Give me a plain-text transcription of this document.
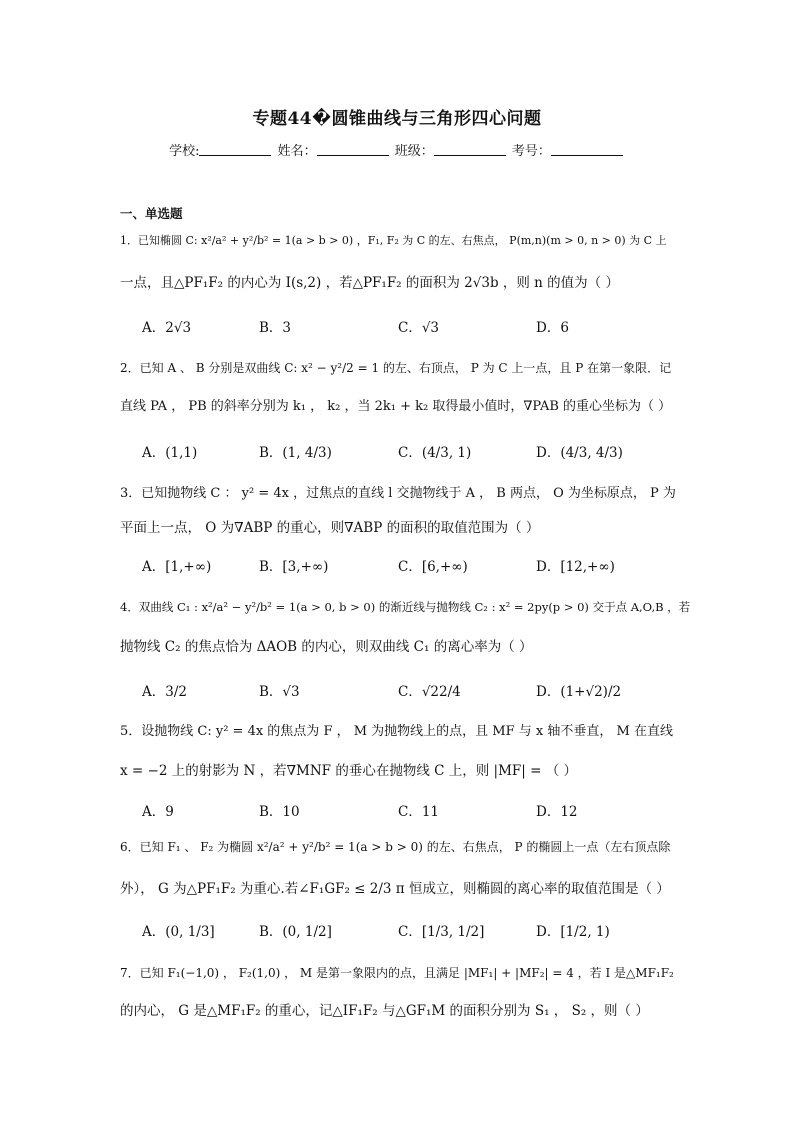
专题44�圆锥曲线与三角形四心问题
学校:	姓名：	班级：	考号：
一、单选题
1．已知椭圆 C: x²/a² + y²/b² = 1(a > b > 0) ，F₁, F₂ 为 C 的左、右焦点， P(m,n)(m > 0, n > 0) 为 C 上
一点，且△PF₁F₂ 的内心为 I(s,2) ，若△PF₁F₂ 的面积为 2√3b ，则 n 的值为（ ）
A．2√3	B．3	C．√3	D．6
2．已知 A 、 B 分别是双曲线 C: x² − y²/2 = 1 的左、右顶点， P 为 C 上一点，且 P 在第一象限．记
直线 PA ， PB 的斜率分别为 k₁ ， k₂ ，当 2k₁ + k₂ 取得最小值时，∇PAB 的重心坐标为（ ）
A．(1,1)	B．(1, 4/3)	C．(4/3, 1)	D．(4/3, 4/3)
3．已知抛物线 C ： y² = 4x ，过焦点的直线 l 交抛物线于 A ， B 两点， O 为坐标原点， P 为
平面上一点， O 为∇ABP 的重心，则∇ABP 的面积的取值范围为（ ）
A．[1,+∞)	B．[3,+∞)	C．[6,+∞)	D．[12,+∞)
4．双曲线 C₁ : x²/a² − y²/b² = 1(a > 0, b > 0) 的渐近线与抛物线 C₂ : x² = 2py(p > 0) 交于点 A,O,B ，若
抛物线 C₂ 的焦点恰为 ΔAOB 的内心，则双曲线 C₁ 的离心率为（ ）
A．3/2	B．√3	C．√22/4	D．(1+√2)/2
5．设抛物线 C: y² = 4x 的焦点为 F ， M 为抛物线上的点，且 MF 与 x 轴不垂直， M 在直线
x = −2 上的射影为 N ，若∇MNF 的垂心在抛物线 C 上，则 |MF| = （ ）
A．9	B．10	C．11	D．12
6．已知 F₁ 、 F₂ 为椭圆 x²/a² + y²/b² = 1(a > b > 0) 的左、右焦点， P 的椭圆上一点（左右顶点除
外）， G 为△PF₁F₂ 为重心.若∠F₁GF₂ ≤ 2/3 π 恒成立，则椭圆的离心率的取值范围是（ ）
A．(0, 1/3]	B．(0, 1/2]	C．[1/3, 1/2]	D．[1/2, 1)
7．已知 F₁(−1,0) ， F₂(1,0) ， M 是第一象限内的点，且满足 |MF₁| + |MF₂| = 4 ，若 I 是△MF₁F₂
的内心， G 是△MF₁F₂ 的重心，记△IF₁F₂ 与△GF₁M 的面积分别为 S₁ ， S₂ ，则（ ）
